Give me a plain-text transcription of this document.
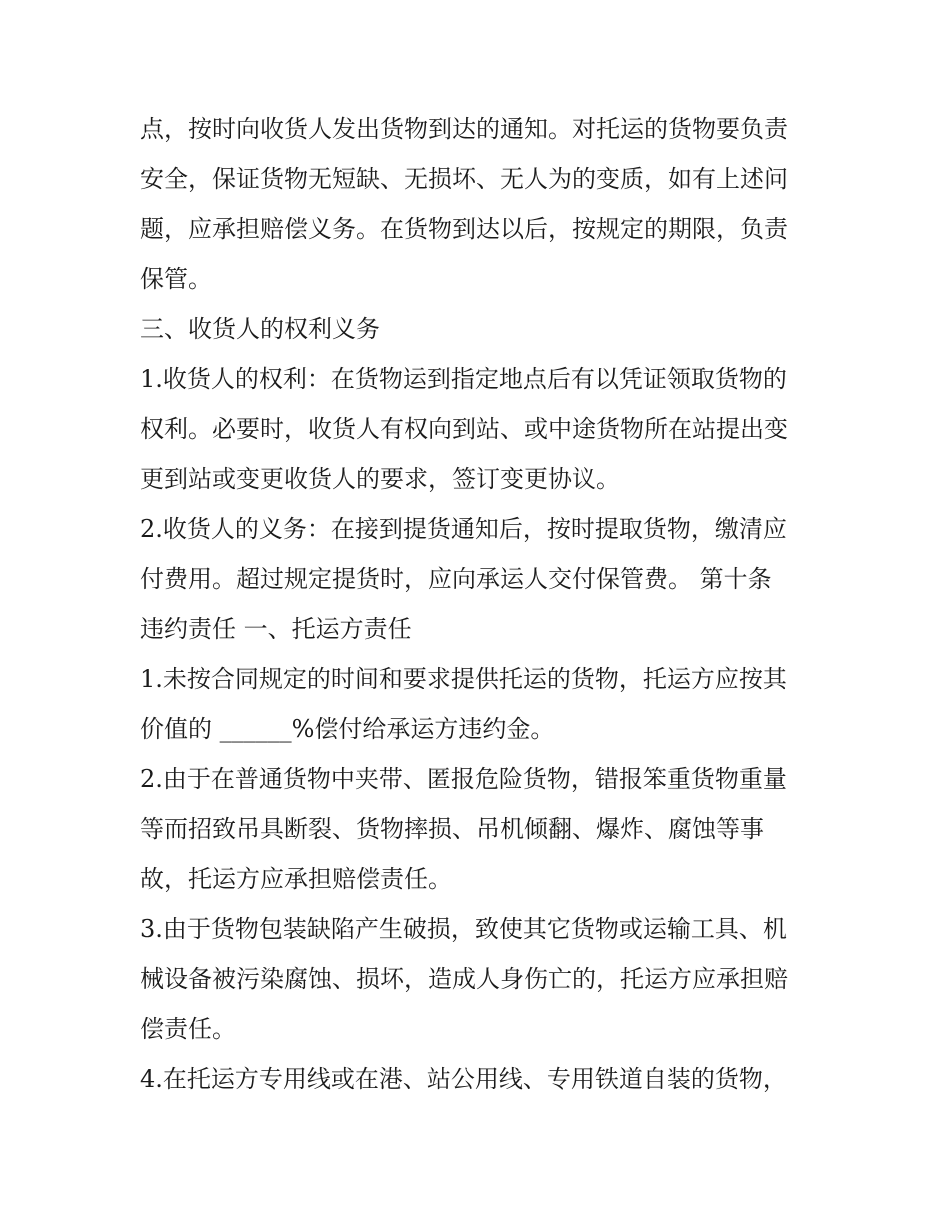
点，按时向收货人发出货物到达的通知。对托运的货物要负责
安全，保证货物无短缺、无损坏、无人为的变质，如有上述问
题，应承担赔偿义务。在货物到达以后，按规定的期限，负责
保管。
三、收货人的权利义务
1.收货人的权利：在货物运到指定地点后有以凭证领取货物的
权利。必要时，收货人有权向到站、或中途货物所在站提出变
更到站或变更收货人的要求，签订变更协议。
2.收货人的义务：在接到提货通知后，按时提取货物，缴清应
付费用。超过规定提货时，应向承运人交付保管费。 第十条
违约责任 一、托运方责任
1.未按合同规定的时间和要求提供托运的货物，托运方应按其
价值的 ______%偿付给承运方违约金。
2.由于在普通货物中夹带、匿报危险货物，错报笨重货物重量
等而招致吊具断裂、货物摔损、吊机倾翻、爆炸、腐蚀等事
故，托运方应承担赔偿责任。
3.由于货物包装缺陷产生破损，致使其它货物或运输工具、机
械设备被污染腐蚀、损坏，造成人身伤亡的，托运方应承担赔
偿责任。
4.在托运方专用线或在港、站公用线、专用铁道自装的货物，
